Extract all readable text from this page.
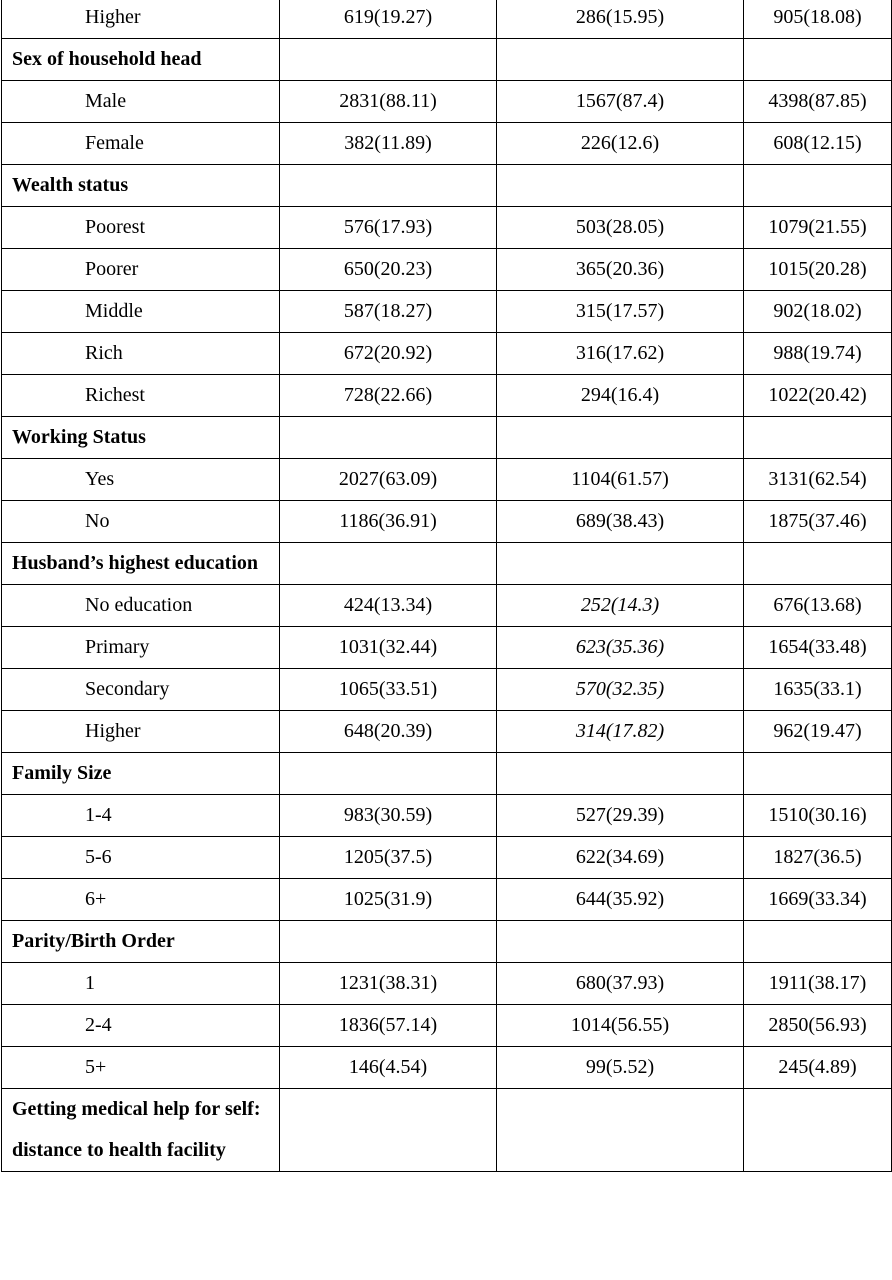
Higher	619(19.27)	286(15.95)	905(18.08)
Sex of household head			
Male	2831(88.11)	1567(87.4)	4398(87.85)
Female	382(11.89)	226(12.6)	608(12.15)
Wealth status			
Poorest	576(17.93)	503(28.05)	1079(21.55)
Poorer	650(20.23)	365(20.36)	1015(20.28)
Middle	587(18.27)	315(17.57)	902(18.02)
Rich	672(20.92)	316(17.62)	988(19.74)
Richest	728(22.66)	294(16.4)	1022(20.42)
Working Status			
Yes	2027(63.09)	1104(61.57)	3131(62.54)
No	1186(36.91)	689(38.43)	1875(37.46)
Husband’s highest education			
No education	424(13.34)	252(14.3)	676(13.68)
Primary	1031(32.44)	623(35.36)	1654(33.48)
Secondary	1065(33.51)	570(32.35)	1635(33.1)
Higher	648(20.39)	314(17.82)	962(19.47)
Family Size			
1-4	983(30.59)	527(29.39)	1510(30.16)
5-6	1205(37.5)	622(34.69)	1827(36.5)
6+	1025(31.9)	644(35.92)	1669(33.34)
Parity/Birth Order			
1	1231(38.31)	680(37.93)	1911(38.17)
2-4	1836(57.14)	1014(56.55)	2850(56.93)
5+	146(4.54)	99(5.52)	245(4.89)
Getting medical help for self: distance to health facility			
